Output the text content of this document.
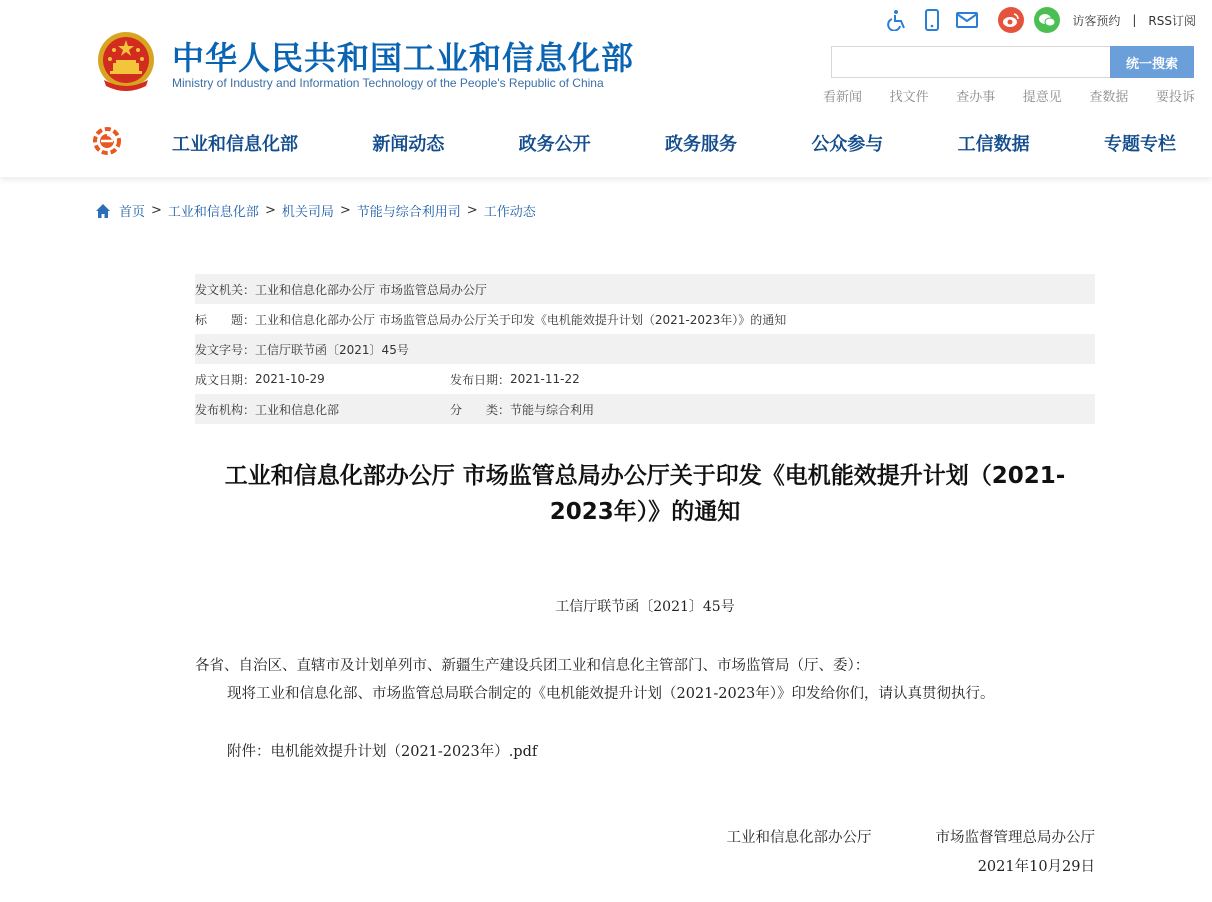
中华人民共和国工业和信息化部
Ministry of Industry and Information Technology of the People's Republic of China
访客预约 | RSS订阅
统一搜索
看新闻 找文件 查办事 提意见 查数据 要投诉
工业和信息化部	新闻动态	政务公开	政务服务	公众参与	工信数据	专题专栏
首页 > 工业和信息化部 > 机关司局 > 节能与综合利用司 > 工作动态
发文机关： 工业和信息化部办公厅 市场监管总局办公厅
标　　题： 工业和信息化部办公厅 市场监管总局办公厅关于印发《电机能效提升计划（2021-2023年）》的通知
发文字号： 工信厅联节函〔2021〕45号
成文日期： 2021-10-29	发布日期： 2021-11-22
发布机构： 工业和信息化部	分　　类： 节能与综合利用
工业和信息化部办公厅 市场监管总局办公厅关于印发《电机能效提升计划（2021-2023年）》的通知
工信厅联节函〔2021〕45号
各省、自治区、直辖市及计划单列市、新疆生产建设兵团工业和信息化主管部门、市场监管局（厅、委）：
现将工业和信息化部、市场监管总局联合制定的《电机能效提升计划（2021-2023年）》印发给你们，请认真贯彻执行。
附件：电机能效提升计划（2021-2023年）.pdf
工业和信息化部办公厅	市场监督管理总局办公厅
2021年10月29日
